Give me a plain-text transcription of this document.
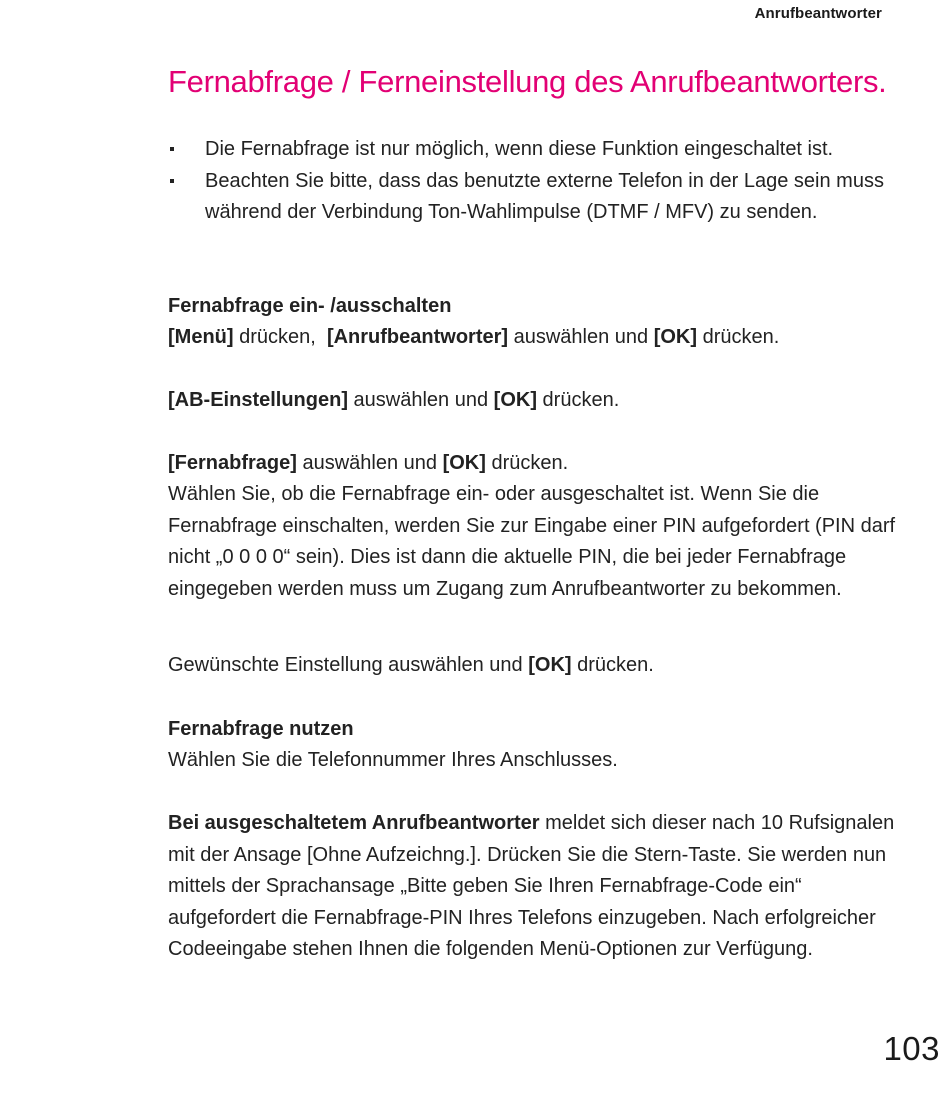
Anrufbeantworter
Fernabfrage / Ferneinstellung des Anrufbeantworters.
Die Fernabfrage ist nur möglich, wenn diese Funktion eingeschaltet ist.
Beachten Sie bitte, dass das benutzte externe Telefon in der Lage sein muss während der Verbindung Ton-Wahlimpulse (DTMF / MFV) zu senden.

Fernabfrage ein- /ausschalten

[Menü] drücken,  [Anrufbeantworter] auswählen und [OK] drücken.

[AB-Einstellungen] auswählen und [OK] drücken.

[Fernabfrage] auswählen und [OK] drücken.

Wählen Sie, ob die Fernabfrage ein- oder ausgeschaltet ist. Wenn Sie die Fernabfrage einschalten, werden Sie zur Eingabe einer PIN aufgefordert (PIN darf nicht „0 0 0 0“ sein). Dies ist dann die aktuelle PIN, die bei jeder Fernabfrage eingegeben werden muss um Zugang zum Anrufbeantworter zu bekommen.

Gewünschte Einstellung auswählen und [OK] drücken.

Fernabfrage nutzen

Wählen Sie die Telefonnummer Ihres Anschlusses.

Bei ausgeschaltetem Anrufbeantworter meldet sich dieser nach 10 Rufsignalen mit der Ansage [Ohne Aufzeichng.]. Drücken Sie die Stern-Taste. Sie werden nun mittels der Sprachansage „Bitte geben Sie Ihren Fernabfrage-Code ein“ aufgefordert die Fernabfrage-PIN Ihres Telefons einzugeben. Nach erfolgreicher Codeeingabe stehen Ihnen die folgenden Menü-Optionen zur Verfügung.

103
